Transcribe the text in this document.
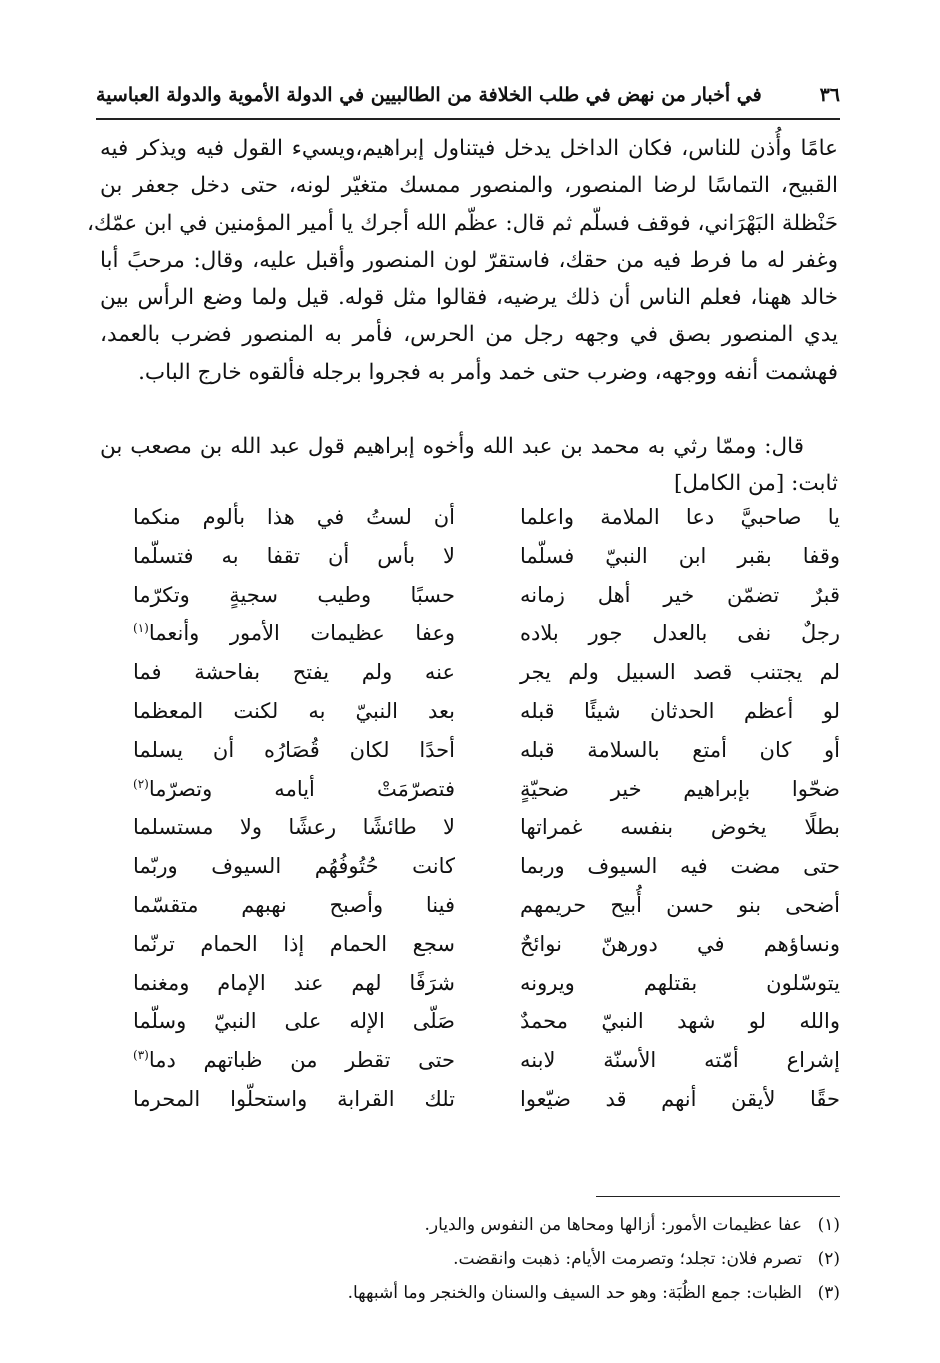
٣٦
في أخبار من نهض في طلب الخلافة من الطالبيين في الدولة الأموية والدولة العباسية
عامًا وأُذن للناس، فكان الداخل يدخل فيتناول إبراهيم،ويسيء القول فيه ويذكر فيه
القبيح، التماسًا لرضا المنصور، والمنصور ممسك متغيّر لونه، حتى دخل جعفر بن
حَنْظلة البَهْرَاني، فوقف فسلّم ثم قال: عظّم الله أجرك يا أمير المؤمنين في ابن عمّك،
وغفر له ما فرط فيه من حقك، فاستقرّ لون المنصور وأقبل عليه، وقال: مرحبً أبا
خالد ههنا، فعلم الناس أن ذلك يرضيه، فقالوا مثل قوله. قيل ولما وضع الرأس بين
يدي المنصور بصق في وجهه رجل من الحرس، فأمر به المنصور فضرب بالعمد،
فهشمت أنفه ووجهه، وضرب حتى خمد وأمر به فجروا برجله فألقوه خارج الباب.
قال: وممّا رثي به محمد بن عبد الله وأخوه إبراهيم قول عبد الله بن مصعب بن
ثابت: [من الكامل]
يا صاحبيَّ دعا الملامة واعلما
أن لستُ في هذا بألوم منكما
وقفا بقبر ابن النبيّ فسلّما
لا بأس أن تقفا به فتسلّما
قبرٌ تضمّن خير أهل زمانه
حسبًا وطيب سجيةٍ وتكرّما
رجلٌ نفى بالعدل جور بلاده
وعفا عظيمات الأمور وأنعما$^{(١)}$
لم يجتنب قصد السبيل ولم يجر
عنه ولم يفتح بفاحشة فما
لو أعظم الحدثان شيئًا قبله
بعد النبيّ به لكنت المعظما
أو كان أمتع بالسلامة قبله
أحدًا لكان قُصَارُه أن يسلما
ضحّوا بإبراهيم خير ضحيّةٍ
فتصرّمَتْ أيامه وتصرّما$^{(٢)}$
بطلًا يخوض بنفسه غمراتها
لا طائشًا رعشًا ولا مستسلما
حتى مضت فيه السيوف وربما
كانت حُتُوفُهُم السيوف وربّما
أضحى بنو حسن أُبيح حريمهم
فينا وأصبح نهبهم متقسّما
ونساؤهم في دورهنّ نوائحٌ
سجع الحمام إذا الحمام ترنّما
يتوسّلون بقتلهم ويرونه
شرَفًا لهم عند الإمام ومغنما
والله لو شهد النبيّ محمدٌ
صَلّى الإله على النبيّ وسلّما
إشراع أمّته الأسنّة لابنه
حتى تقطر من ظباتهم دما$^{(٣)}$
حقًا لأيقن أنهم قد ضيّعوا
تلك القرابة واستحلّوا المحرما
(١)عفا عظيمات الأمور: أزالها ومحاها من النفوس والديار.
(٢)تصرم فلان: تجلد؛ وتصرمت الأيام: ذهبت وانقضت.
(٣)الظبات: جمع الظُبَة: وهو حد السيف والسنان والخنجر وما أشبهها.
